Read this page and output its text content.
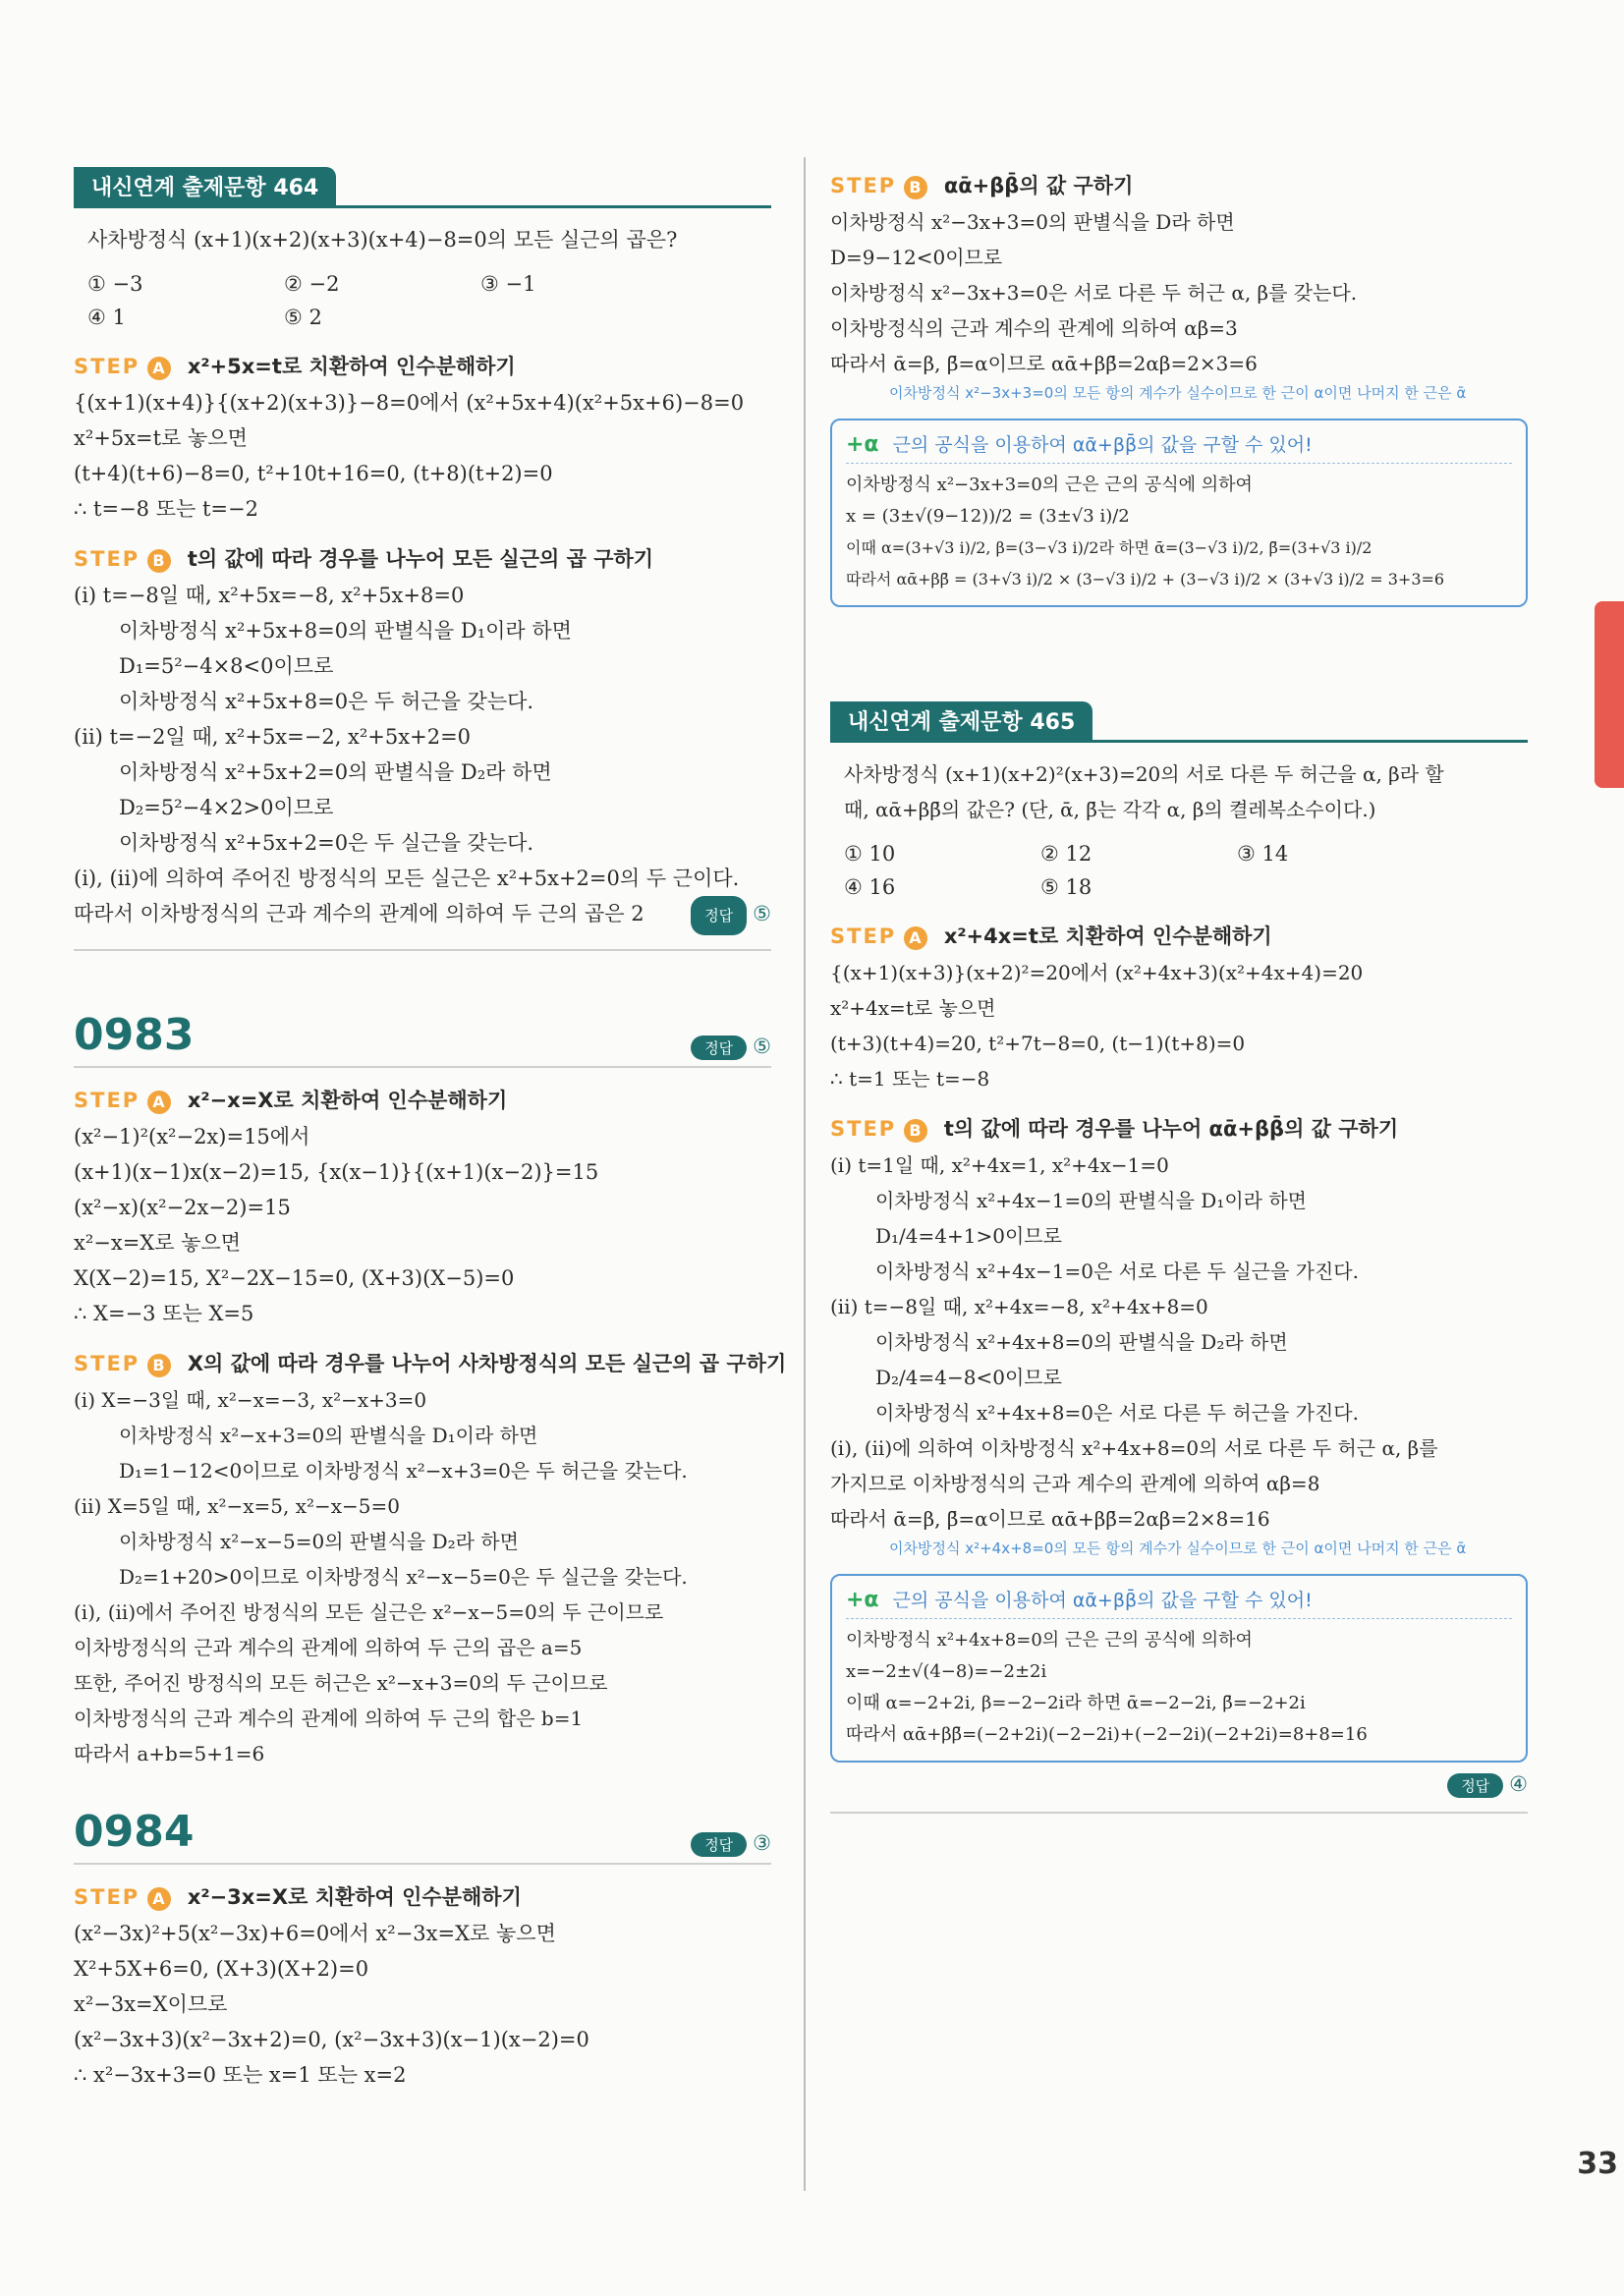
33
내신연계 출제문항 464
사차방정식 (x+1)(x+2)(x+3)(x+4)−8=0의 모든 실근의 곱은?
① −3	② −2	③ −1
④ 1	⑤ 2
STEP A x²+5x=t로 치환하여 인수분해하기
{(x+1)(x+4)}{(x+2)(x+3)}−8=0에서 (x²+5x+4)(x²+5x+6)−8=0
x²+5x=t로 놓으면
(t+4)(t+6)−8=0, t²+10t+16=0, (t+8)(t+2)=0
∴ t=−8 또는 t=−2
STEP B t의 값에 따라 경우를 나누어 모든 실근의 곱 구하기
(ⅰ) t=−8일 때, x²+5x=−8, x²+5x+8=0
이차방정식 x²+5x+8=0의 판별식을 D₁이라 하면
D₁=5²−4×8<0이므로
이차방정식 x²+5x+8=0은 두 허근을 갖는다.
(ⅱ) t=−2일 때, x²+5x=−2, x²+5x+2=0
이차방정식 x²+5x+2=0의 판별식을 D₂라 하면
D₂=5²−4×2>0이므로
이차방정식 x²+5x+2=0은 두 실근을 갖는다.
(ⅰ), (ⅱ)에 의하여 주어진 방정식의 모든 실근은 x²+5x+2=0의 두 근이다.
따라서 이차방정식의 근과 계수의 관계에 의하여 두 근의 곱은 2	정답 ⑤
0983	정답 ⑤
STEP A x²−x=X로 치환하여 인수분해하기
(x²−1)²(x²−2x)=15에서
(x+1)(x−1)x(x−2)=15, {x(x−1)}{(x+1)(x−2)}=15
(x²−x)(x²−2x−2)=15
x²−x=X로 놓으면
X(X−2)=15, X²−2X−15=0, (X+3)(X−5)=0
∴ X=−3 또는 X=5
STEP B X의 값에 따라 경우를 나누어 사차방정식의 모든 실근의 곱 구하기
(ⅰ) X=−3일 때, x²−x=−3, x²−x+3=0
이차방정식 x²−x+3=0의 판별식을 D₁이라 하면
D₁=1−12<0이므로 이차방정식 x²−x+3=0은 두 허근을 갖는다.
(ⅱ) X=5일 때, x²−x=5, x²−x−5=0
이차방정식 x²−x−5=0의 판별식을 D₂라 하면
D₂=1+20>0이므로 이차방정식 x²−x−5=0은 두 실근을 갖는다.
(ⅰ), (ⅱ)에서 주어진 방정식의 모든 실근은 x²−x−5=0의 두 근이므로
이차방정식의 근과 계수의 관계에 의하여 두 근의 곱은 a=5
또한, 주어진 방정식의 모든 허근은 x²−x+3=0의 두 근이므로
이차방정식의 근과 계수의 관계에 의하여 두 근의 합은 b=1
따라서 a+b=5+1=6
0984	정답 ③
STEP A x²−3x=X로 치환하여 인수분해하기
(x²−3x)²+5(x²−3x)+6=0에서 x²−3x=X로 놓으면
X²+5X+6=0, (X+3)(X+2)=0
x²−3x=X이므로
(x²−3x+3)(x²−3x+2)=0, (x²−3x+3)(x−1)(x−2)=0
∴ x²−3x+3=0 또는 x=1 또는 x=2
STEP B αᾱ+ββ̄의 값 구하기
이차방정식 x²−3x+3=0의 판별식을 D라 하면
D=9−12<0이므로
이차방정식 x²−3x+3=0은 서로 다른 두 허근 α, β를 갖는다.
이차방정식의 근과 계수의 관계에 의하여 αβ=3
따라서 ᾱ=β, β̄=α이므로 αᾱ+ββ̄=2αβ=2×3=6
이차방정식 x²−3x+3=0의 모든 항의 계수가 실수이므로 한 근이 α이면 나머지 한 근은 ᾱ
+α 근의 공식을 이용하여 αᾱ+ββ̄의 값을 구할 수 있어!
이차방정식 x²−3x+3=0의 근은 근의 공식에 의하여
x = (3±√(9−12))/2 = (3±√3 i)/2
이때 α=(3+√3 i)/2, β=(3−√3 i)/2라 하면 ᾱ=(3−√3 i)/2, β̄=(3+√3 i)/2
따라서 αᾱ+ββ̄ = (3+√3 i)/2 × (3−√3 i)/2 + (3−√3 i)/2 × (3+√3 i)/2 = 3+3=6
내신연계 출제문항 465
사차방정식 (x+1)(x+2)²(x+3)=20의 서로 다른 두 허근을 α, β라 할
때, αᾱ+ββ̄의 값은? (단, ᾱ, β̄는 각각 α, β의 켤레복소수이다.)
① 10	② 12	③ 14
④ 16	⑤ 18
STEP A x²+4x=t로 치환하여 인수분해하기
{(x+1)(x+3)}(x+2)²=20에서 (x²+4x+3)(x²+4x+4)=20
x²+4x=t로 놓으면
(t+3)(t+4)=20, t²+7t−8=0, (t−1)(t+8)=0
∴ t=1 또는 t=−8
STEP B t의 값에 따라 경우를 나누어 αᾱ+ββ̄의 값 구하기
(ⅰ) t=1일 때, x²+4x=1, x²+4x−1=0
이차방정식 x²+4x−1=0의 판별식을 D₁이라 하면
D₁/4=4+1>0이므로
이차방정식 x²+4x−1=0은 서로 다른 두 실근을 가진다.
(ⅱ) t=−8일 때, x²+4x=−8, x²+4x+8=0
이차방정식 x²+4x+8=0의 판별식을 D₂라 하면
D₂/4=4−8<0이므로
이차방정식 x²+4x+8=0은 서로 다른 두 허근을 가진다.
(ⅰ), (ⅱ)에 의하여 이차방정식 x²+4x+8=0의 서로 다른 두 허근 α, β를
가지므로 이차방정식의 근과 계수의 관계에 의하여 αβ=8
따라서 ᾱ=β, β̄=α이므로 αᾱ+ββ̄=2αβ=2×8=16
이차방정식 x²+4x+8=0의 모든 항의 계수가 실수이므로 한 근이 α이면 나머지 한 근은 ᾱ
+α 근의 공식을 이용하여 αᾱ+ββ̄의 값을 구할 수 있어!
이차방정식 x²+4x+8=0의 근은 근의 공식에 의하여
x=−2±√(4−8)=−2±2i
이때 α=−2+2i, β=−2−2i라 하면 ᾱ=−2−2i, β̄=−2+2i
따라서 αᾱ+ββ̄=(−2+2i)(−2−2i)+(−2−2i)(−2+2i)=8+8=16
정답 ④
